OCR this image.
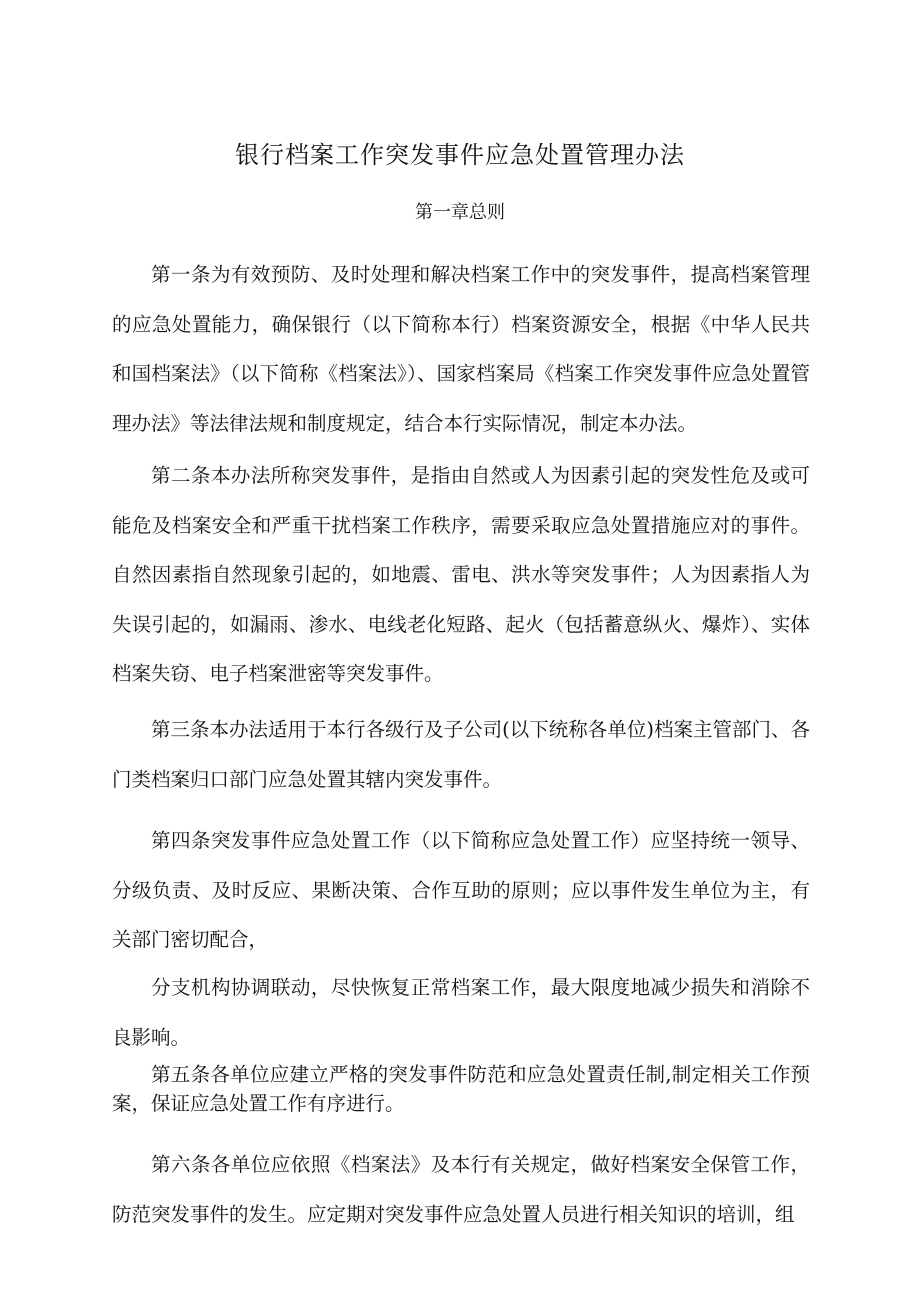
银行档案工作突发事件应急处置管理办法
第一章总则

第一条为有效预防、及时处理和解决档案工作中的突发事件，提高档案管理的应急处置能力，确保银行（以下简称本行）档案资源安全，根据《中华人民共和国档案法》（以下简称《档案法》）、国家档案局《档案工作突发事件应急处置管理办法》等法律法规和制度规定，结合本行实际情况，制定本办法。

第二条本办法所称突发事件，是指由自然或人为因素引起的突发性危及或可能危及档案安全和严重干扰档案工作秩序，需要采取应急处置措施应对的事件。自然因素指自然现象引起的，如地震、雷电、洪水等突发事件；人为因素指人为失误引起的，如漏雨、渗水、电线老化短路、起火（包括蓄意纵火、爆炸）、实体档案失窃、电子档案泄密等突发事件。

第三条本办法适用于本行各级行及子公司(以下统称各单位)档案主管部门、各门类档案归口部门应急处置其辖内突发事件。

第四条突发事件应急处置工作（以下简称应急处置工作）应坚持统一领导、分级负责、及时反应、果断决策、合作互助的原则；应以事件发生单位为主，有关部门密切配合，

分支机构协调联动，尽快恢复正常档案工作，最大限度地减少损失和消除不良影响。

第五条各单位应建立严格的突发事件防范和应急处置责任制,制定相关工作预案，保证应急处置工作有序进行。

第六条各单位应依照《档案法》及本行有关规定，做好档案安全保管工作，防范突发事件的发生。应定期对突发事件应急处置人员进行相关知识的培训，组
